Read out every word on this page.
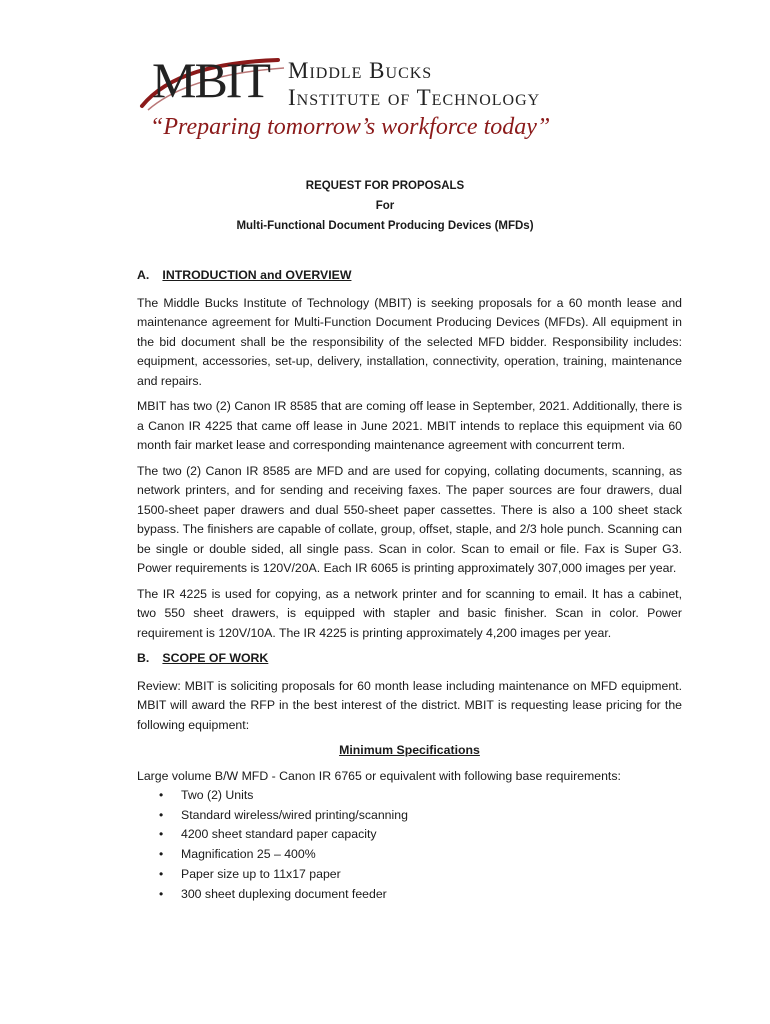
MBIT Middle Bucks
Institute of Technology
“Preparing tomorrow’s workforce today”
REQUEST FOR PROPOSALS
For
Multi-Functional Document Producing Devices (MFDs)
A. INTRODUCTION and OVERVIEW

The Middle Bucks Institute of Technology (MBIT) is seeking proposals for a 60 month lease and maintenance agreement for Multi-Function Document Producing Devices (MFDs). All equipment in the bid document shall be the responsibility of the selected MFD bidder. Responsibility includes: equipment, accessories, set-up, delivery, installation, connectivity, operation, training, maintenance and repairs.

MBIT has two (2) Canon IR 8585 that are coming off lease in September, 2021. Additionally, there is a Canon IR 4225 that came off lease in June 2021. MBIT intends to replace this equipment via 60 month fair market lease and corresponding maintenance agreement with concurrent term.

The two (2) Canon IR 8585 are MFD and are used for copying, collating documents, scanning, as network printers, and for sending and receiving faxes. The paper sources are four drawers, dual 1500-sheet paper drawers and dual 550-sheet paper cassettes. There is also a 100 sheet stack bypass. The finishers are capable of collate, group, offset, staple, and 2/3 hole punch. Scanning can be single or double sided, all single pass. Scan in color. Scan to email or file. Fax is Super G3. Power requirements is 120V/20A. Each IR 6065 is printing approximately 307,000 images per year.

The IR 4225 is used for copying, as a network printer and for scanning to email. It has a cabinet, two 550 sheet drawers, is equipped with stapler and basic finisher. Scan in color. Power requirement is 120V/10A. The IR 4225 is printing approximately 4,200 images per year.

B. SCOPE OF WORK

Review: MBIT is soliciting proposals for 60 month lease including maintenance on MFD equipment. MBIT will award the RFP in the best interest of the district. MBIT is requesting lease pricing for the following equipment:

Minimum Specifications
Large volume B/W MFD - Canon IR 6765 or equivalent with following base requirements:
• Two (2) Units
• Standard wireless/wired printing/scanning
• 4200 sheet standard paper capacity
• Magnification 25 – 400%
• Paper size up to 11x17 paper
• 300 sheet duplexing document feeder
